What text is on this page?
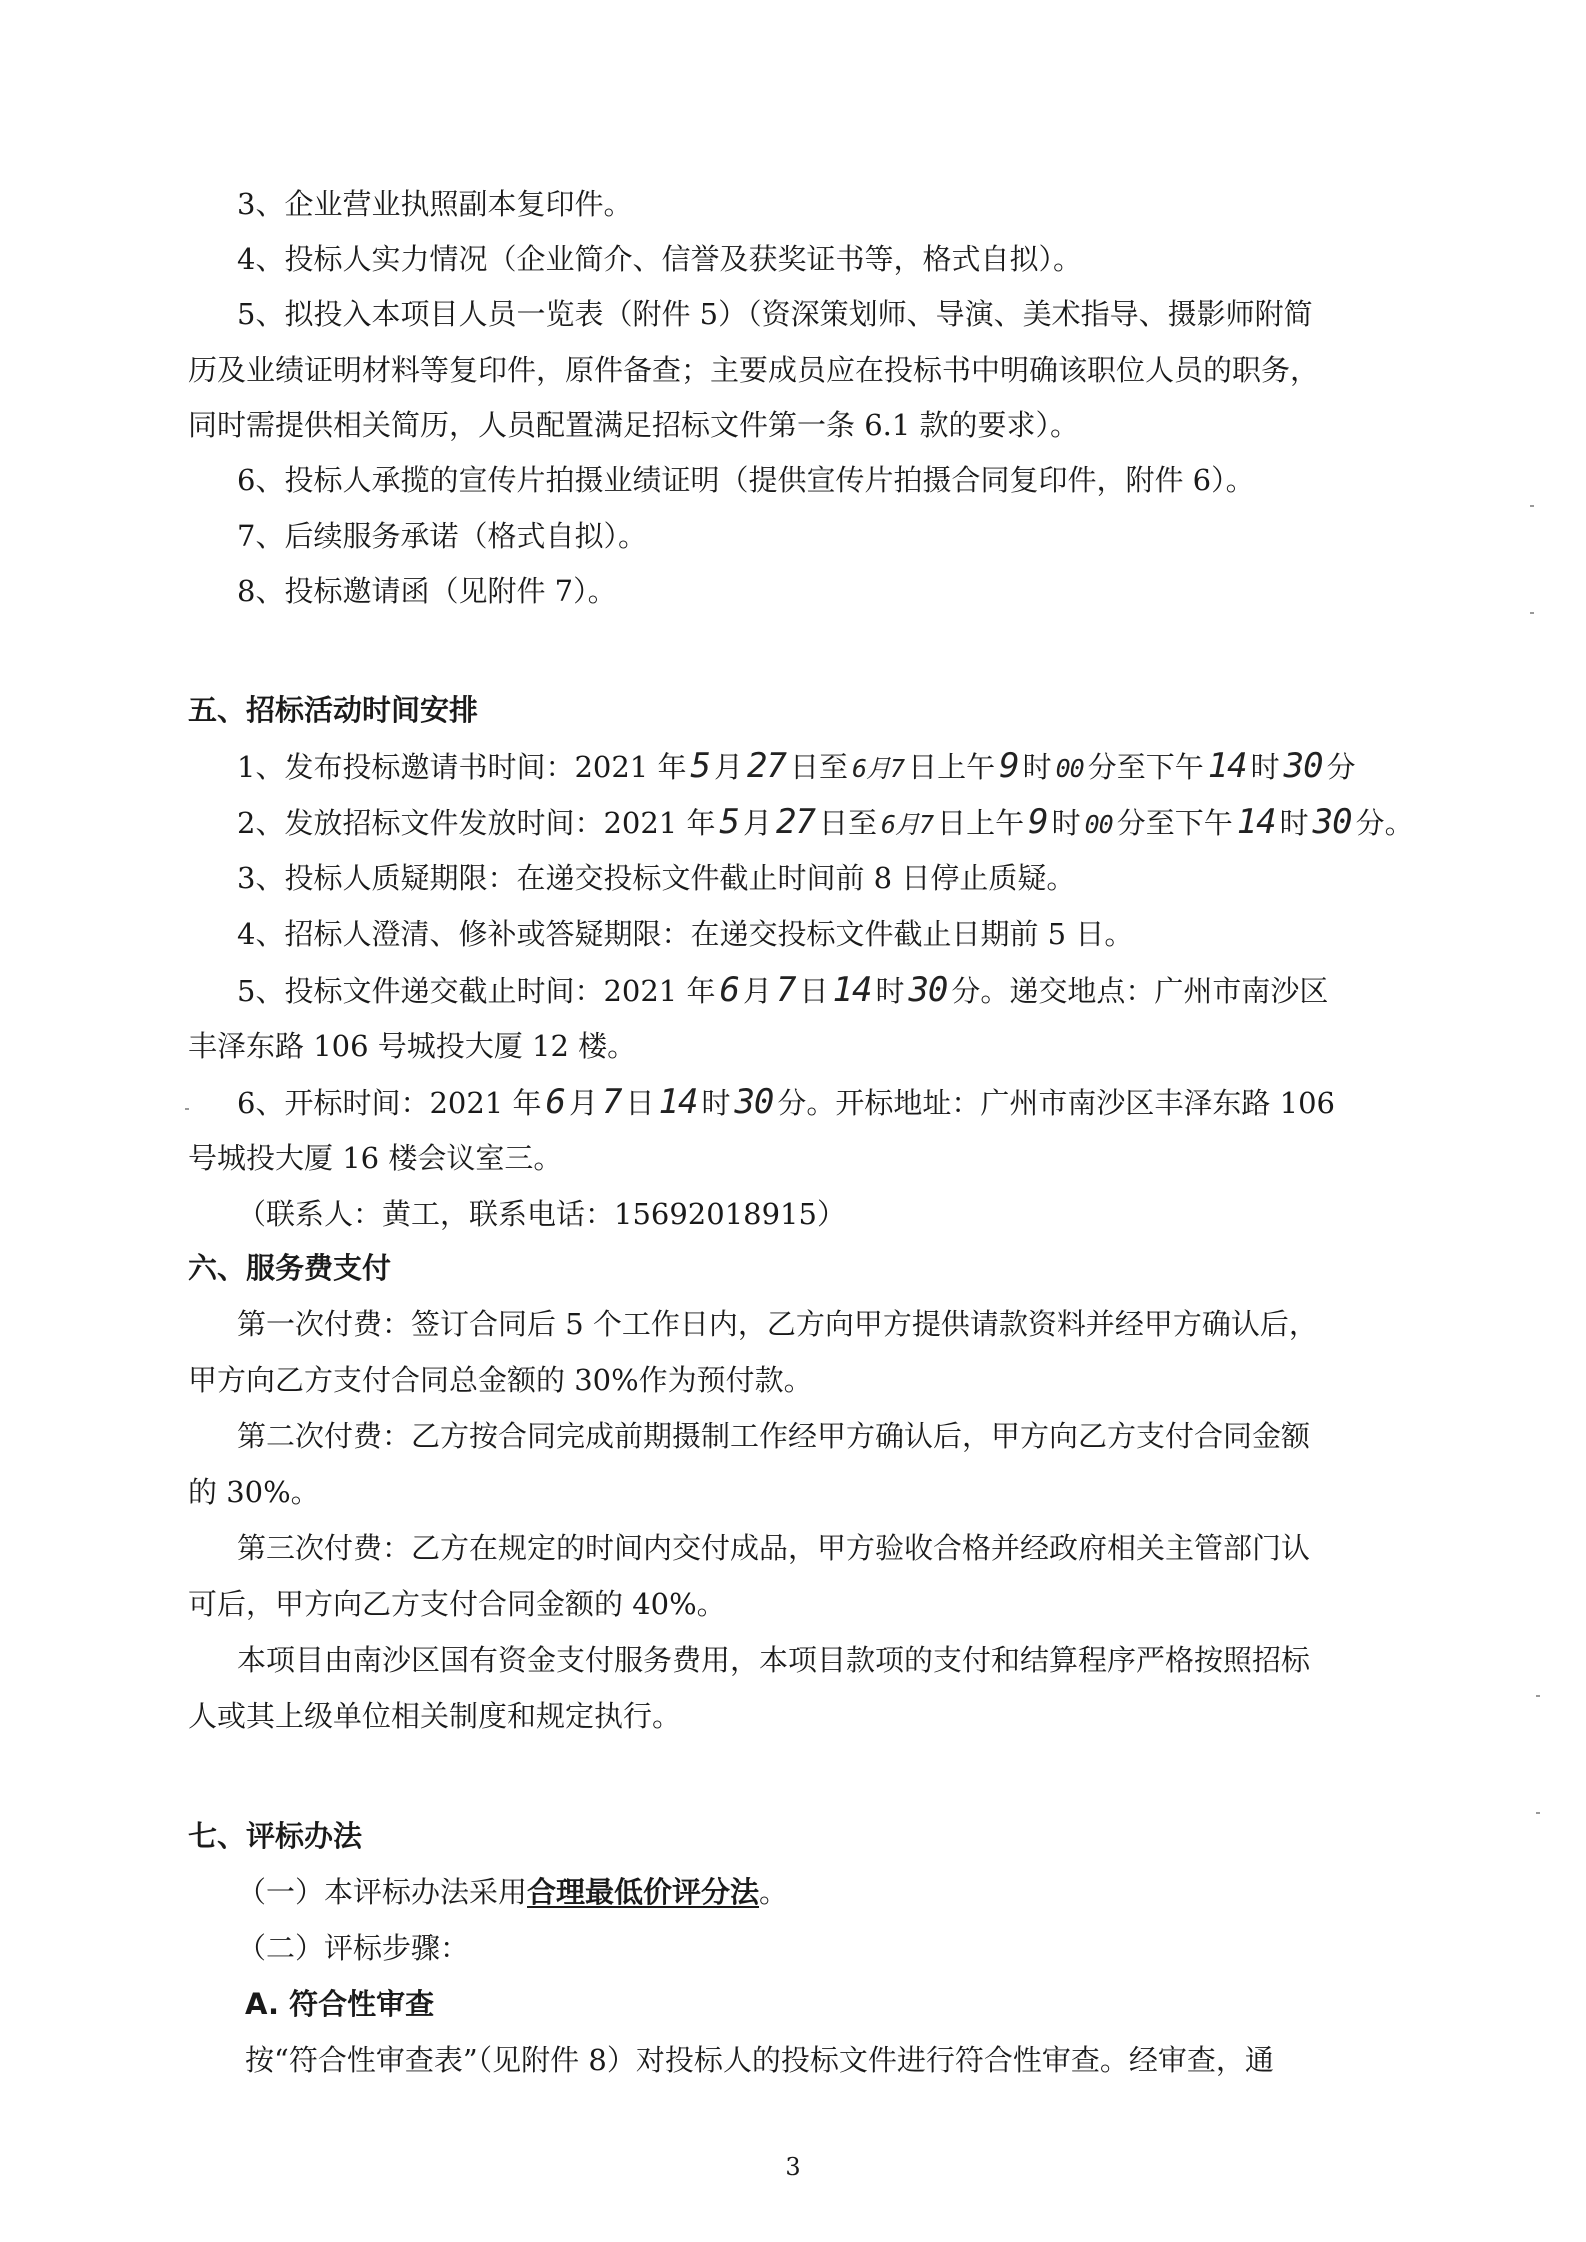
3、企业营业执照副本复印件。
4、投标人实力情况（企业简介、信誉及获奖证书等，格式自拟）。
5、拟投入本项目人员一览表（附件 5）（资深策划师、导演、美术指导、摄影师附简
历及业绩证明材料等复印件，原件备查；主要成员应在投标书中明确该职位人员的职务，
同时需提供相关简历，人员配置满足招标文件第一条 6.1 款的要求）。
6、投标人承揽的宣传片拍摄业绩证明（提供宣传片拍摄合同复印件，附件 6）。
7、后续服务承诺（格式自拟）。
8、投标邀请函（见附件 7）。
五、招标活动时间安排
1、发布投标邀请书时间：2021 年 5 月 27 日至 6月7 日上午 9 时 00 分至下午 14 时 30 分
2、发放招标文件发放时间：2021 年 5 月 27 日至 6月7 日上午 9 时 00 分至下午 14 时 30 分。
3、投标人质疑期限：在递交投标文件截止时间前 8 日停止质疑。
4、招标人澄清、修补或答疑期限：在递交投标文件截止日期前 5 日。
5、投标文件递交截止时间：2021 年 6 月 7 日 14 时 30 分。递交地点：广州市南沙区
丰泽东路 106 号城投大厦 12 楼。
6、开标时间：2021 年 6 月 7 日 14 时 30 分。开标地址：广州市南沙区丰泽东路 106
号城投大厦 16 楼会议室三。
（联系人：黄工，联系电话：15692018915）
六、服务费支付
第一次付费：签订合同后 5 个工作日内，乙方向甲方提供请款资料并经甲方确认后，
甲方向乙方支付合同总金额的 30%作为预付款。
第二次付费：乙方按合同完成前期摄制工作经甲方确认后，甲方向乙方支付合同金额
的 30%。
第三次付费：乙方在规定的时间内交付成品，甲方验收合格并经政府相关主管部门认
可后，甲方向乙方支付合同金额的 40%。
本项目由南沙区国有资金支付服务费用，本项目款项的支付和结算程序严格按照招标
人或其上级单位相关制度和规定执行。
七、评标办法
（一）本评标办法采用合理最低价评分法。
（二）评标步骤：
A. 符合性审查
按“符合性审查表”（见附件 8）对投标人的投标文件进行符合性审查。经审查，通
3
